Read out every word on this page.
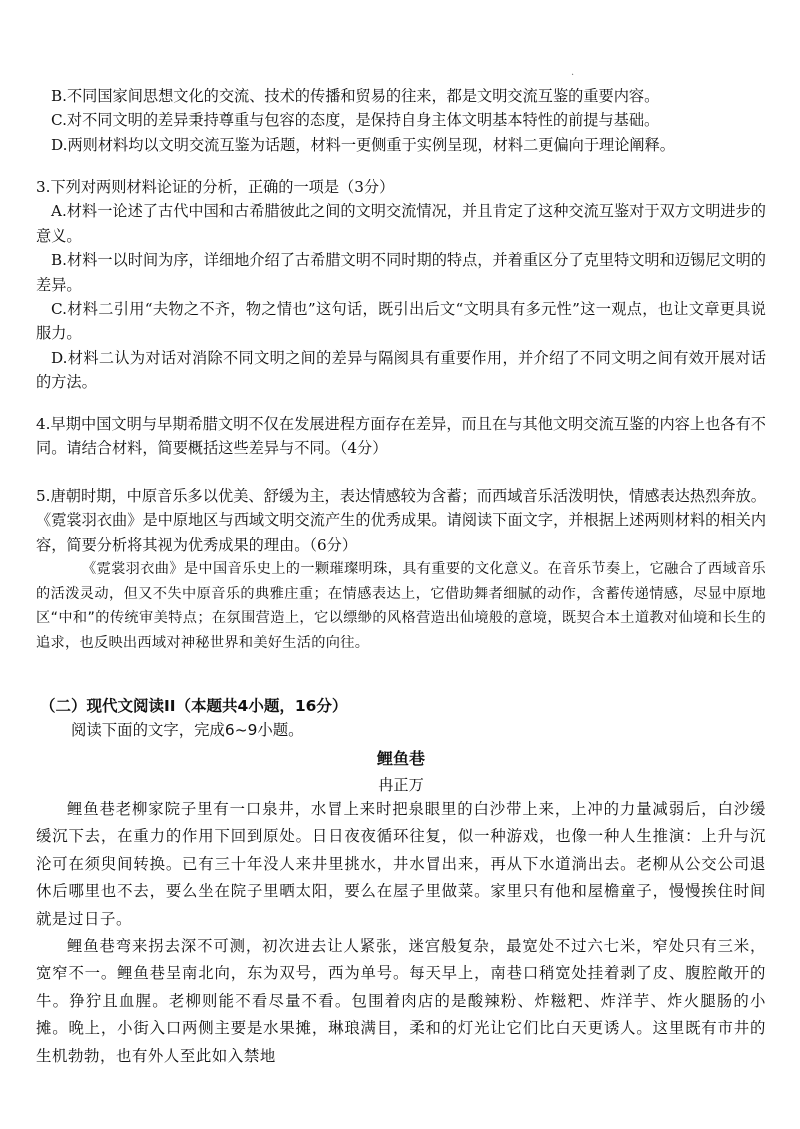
·

B.不同国家间思想文化的交流、技术的传播和贸易的往来，都是文明交流互鉴的重要内容。

C.对不同文明的差异秉持尊重与包容的态度，是保持自身主体文明基本特性的前提与基础。

D.两则材料均以文明交流互鉴为话题，材料一更侧重于实例呈现，材料二更偏向于理论阐释。

3.下列对两则材料论证的分析，正确的一项是（3分）

A.材料一论述了古代中国和古希腊彼此之间的文明交流情况，并且肯定了这种交流互鉴对于双方文明进步的意义。

B.材料一以时间为序，详细地介绍了古希腊文明不同时期的特点，并着重区分了克里特文明和迈锡尼文明的差异。

C.材料二引用“夫物之不齐，物之情也”这句话，既引出后文“文明具有多元性”这一观点，也让文章更具说服力。

D.材料二认为对话对消除不同文明之间的差异与隔阂具有重要作用，并介绍了不同文明之间有效开展对话的方法。

4.早期中国文明与早期希腊文明不仅在发展进程方面存在差异，而且在与其他文明交流互鉴的内容上也各有不同。请结合材料，简要概括这些差异与不同。（4分）

5.唐朝时期，中原音乐多以优美、舒缓为主，表达情感较为含蓄；而西域音乐活泼明快，情感表达热烈奔放。《霓裳羽衣曲》是中原地区与西域文明交流产生的优秀成果。请阅读下面文字，并根据上述两则材料的相关内容，简要分析将其视为优秀成果的理由。（6分）

《霓裳羽衣曲》是中国音乐史上的一颗璀璨明珠，具有重要的文化意义。在音乐节奏上，它融合了西域音乐的活泼灵动，但又不失中原音乐的典雅庄重；在情感表达上，它借助舞者细腻的动作，含蓄传递情感，尽显中原地区“中和”的传统审美特点；在氛围营造上，它以缥缈的风格营造出仙境般的意境，既契合本土道教对仙境和长生的追求，也反映出西域对神秘世界和美好生活的向往。

（二）现代文阅读II（本题共4小题，16分）

阅读下面的文字，完成6~9小题。

鲤鱼巷

冉正万

鲤鱼巷老柳家院子里有一口泉井，水冒上来时把泉眼里的白沙带上来，上冲的力量减弱后，白沙缓缓沉下去，在重力的作用下回到原处。日日夜夜循环往复，似一种游戏，也像一种人生推演：上升与沉沦可在须臾间转换。已有三十年没人来井里挑水，井水冒出来，再从下水道淌出去。老柳从公交公司退休后哪里也不去，要么坐在院子里晒太阳，要么在屋子里做菜。家里只有他和屋檐童子，慢慢挨住时间就是过日子。

鲤鱼巷弯来拐去深不可测，初次进去让人紧张，迷宫般复杂，最宽处不过六七米，窄处只有三米，宽窄不一。鲤鱼巷呈南北向，东为双号，西为单号。每天早上，南巷口稍宽处挂着剥了皮、腹腔敞开的牛。狰狞且血腥。老柳则能不看尽量不看。包围着肉店的是酸辣粉、炸糍粑、炸洋芋、炸火腿肠的小摊。晚上，小街入口两侧主要是水果摊，琳琅满目，柔和的灯光让它们比白天更诱人。这里既有市井的生机勃勃，也有外人至此如入禁地
